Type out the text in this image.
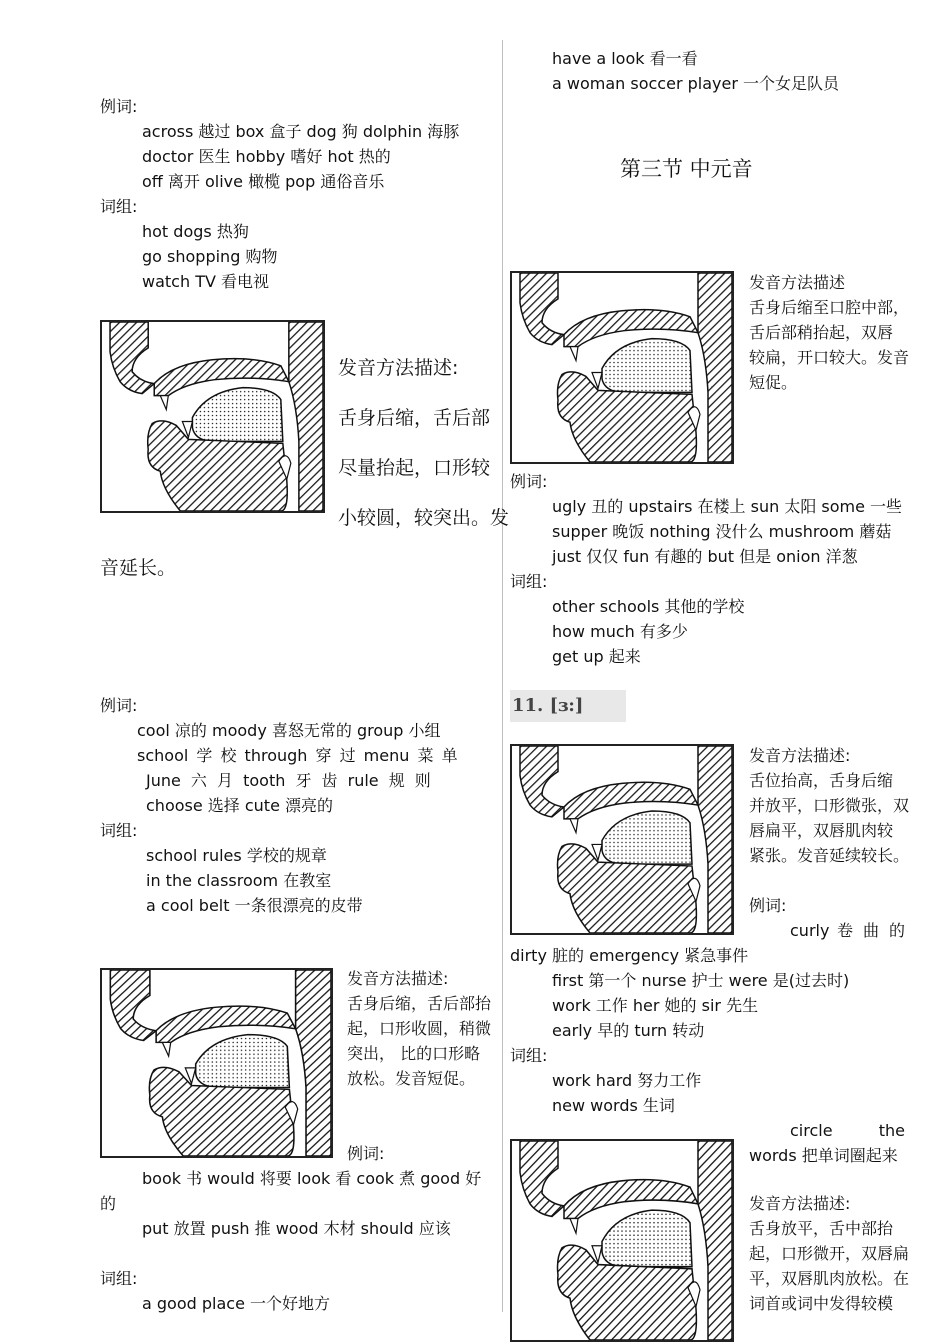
例词:
across 越过 box 盒子 dog 狗 dolphin 海豚
doctor 医生 hobby 嗜好 hot 热的
off 离开 olive 橄榄 pop 通俗音乐
词组:
hot dogs 热狗
go shopping 购物
watch TV 看电视
发音方法描述:
舌身后缩，舌后部
尽量抬起，口形较
小较圆，较突出。发
音延长。
例词:
cool 凉的 moody 喜怒无常的 group 小组
school 学 校 through 穿 过 menu 菜 单
June 六 月 tooth 牙 齿 rule 规 则
choose 选择 cute 漂亮的
词组:
school rules 学校的规章
in the classroom 在教室
a cool belt 一条很漂亮的皮带
发音方法描述:
舌身后缩，舌后部抬
起，口形收圆，稍微
突出， 比的口形略
放松。发音短促。
例词:
book 书 would 将要 look 看 cook 煮 good 好
的
put 放置 push 推 wood 木材 should 应该
词组:
a good place 一个好地方
have a look 看一看
a woman soccer player 一个女足队员
第三节 中元音
发音方法描述
舌身后缩至口腔中部，
舌后部稍抬起，双唇
较扁，开口较大。发音
短促。
例词:
ugly 丑的 upstairs 在楼上 sun 太阳 some 一些
supper 晚饭 nothing 没什么 mushroom 蘑菇
just 仅仅 fun 有趣的 but 但是 onion 洋葱
词组:
other schools 其他的学校
how much 有多少
get up 起来
11. [ɜ:]
发音方法描述:
舌位抬高，舌身后缩
并放平，口形微张，双
唇扁平，双唇肌肉较
紧张。发音延续较长。
例词:
curly 卷 曲 的
dirty 脏的 emergency 紧急事件
first 第一个 nurse 护士 were 是(过去时)
work 工作 her 她的 sir 先生
early 早的 turn 转动
词组:
work hard 努力工作
new words 生词
circle the
words 把单词圈起来
发音方法描述:
舌身放平，舌中部抬
起，口形微开，双唇扁
平，双唇肌肉放松。在
词首或词中发得较模
